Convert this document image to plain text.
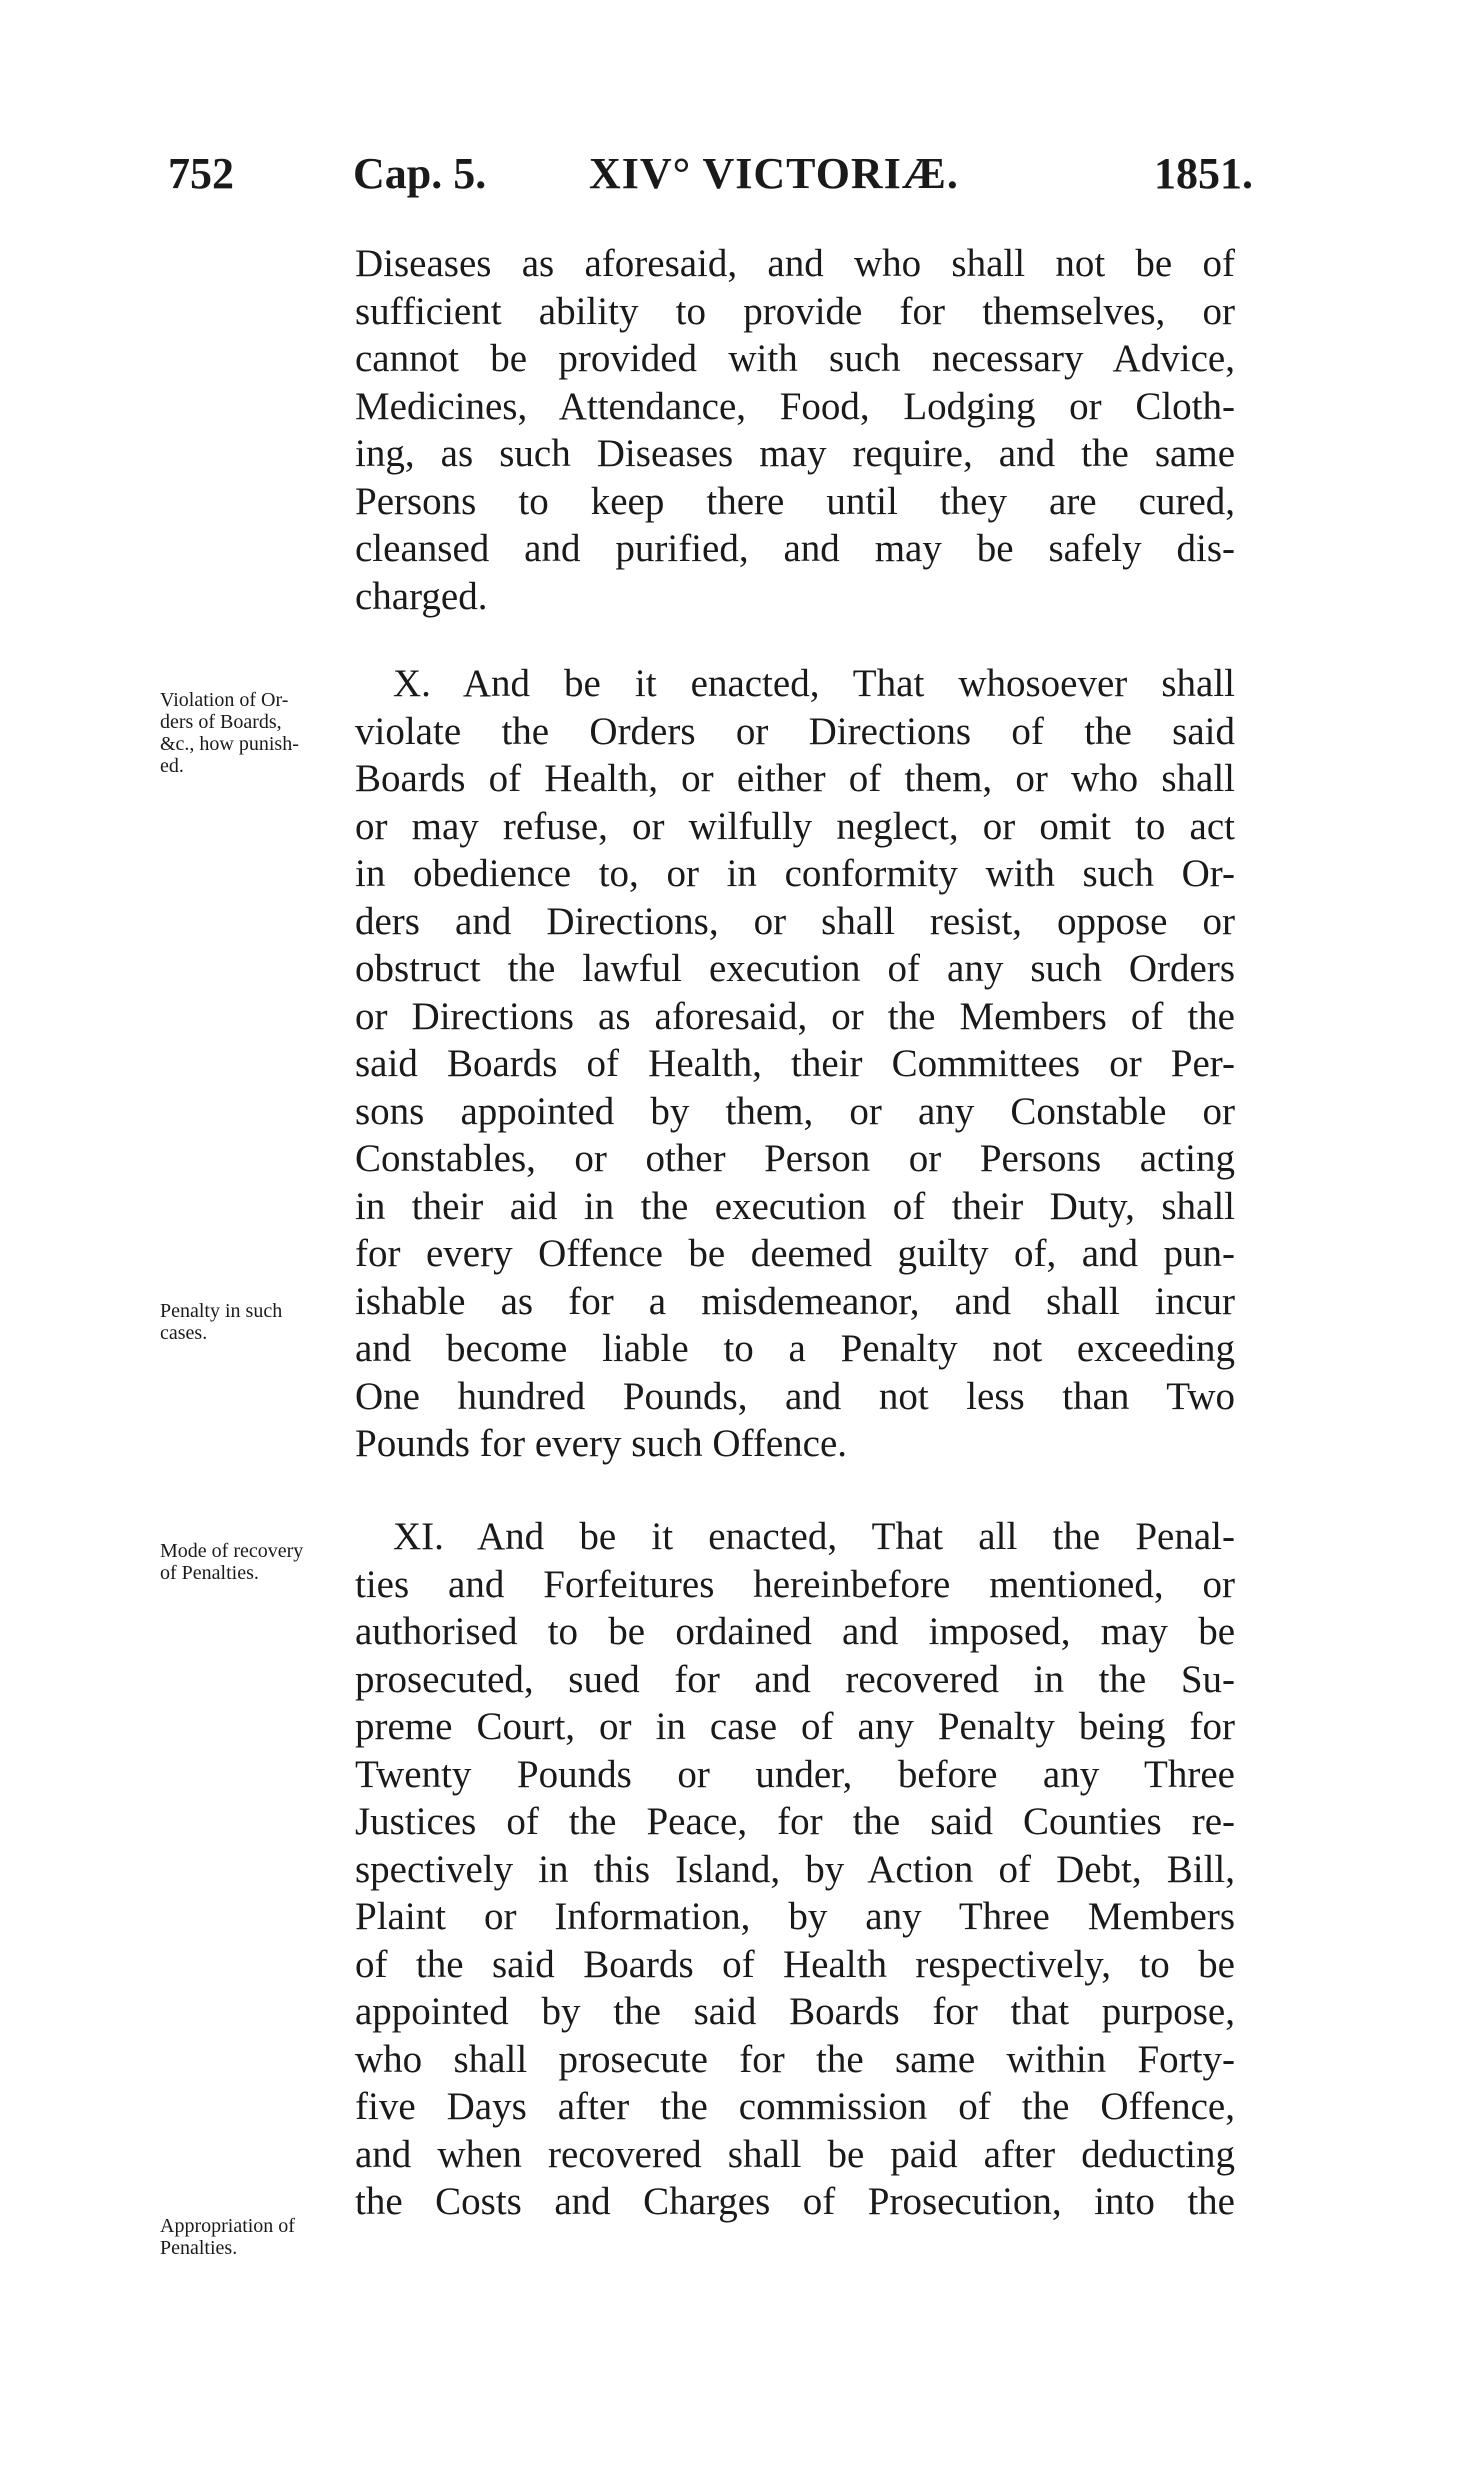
752	Cap. 5. XIV° VICTORIÆ.	1851.
Diseases as aforesaid, and who shall not be of
sufficient ability to provide for themselves, or
cannot be provided with such necessary Advice,
Medicines, Attendance, Food, Lodging or Cloth-
ing, as such Diseases may require, and the same
Persons to keep there until they are cured,
cleansed and purified, and may be safely dis-
charged.
X. And be it enacted, That whosoever shall
violate the Orders or Directions of the said
Boards of Health, or either of them, or who shall
or may refuse, or wilfully neglect, or omit to act
in obedience to, or in conformity with such Or-
ders and Directions, or shall resist, oppose or
obstruct the lawful execution of any such Orders
or Directions as aforesaid, or the Members of the
said Boards of Health, their Committees or Per-
sons appointed by them, or any Constable or
Constables, or other Person or Persons acting
in their aid in the execution of their Duty, shall
for every Offence be deemed guilty of, and pun-
ishable as for a misdemeanor, and shall incur
and become liable to a Penalty not exceeding
One hundred Pounds, and not less than Two
Pounds for every such Offence.
XI. And be it enacted, That all the Penal-
ties and Forfeitures hereinbefore mentioned, or
authorised to be ordained and imposed, may be
prosecuted, sued for and recovered in the Su-
preme Court, or in case of any Penalty being for
Twenty Pounds or under, before any Three
Justices of the Peace, for the said Counties re-
spectively in this Island, by Action of Debt, Bill,
Plaint or Information, by any Three Members
of the said Boards of Health respectively, to be
appointed by the said Boards for that purpose,
who shall prosecute for the same within Forty-
five Days after the commission of the Offence,
and when recovered shall be paid after deducting
the Costs and Charges of Prosecution, into the
Violation of Or-
ders of Boards,
&c., how punish-
ed.
Penalty in such
cases.
Mode of recovery
of Penalties.
Appropriation of
Penalties.
